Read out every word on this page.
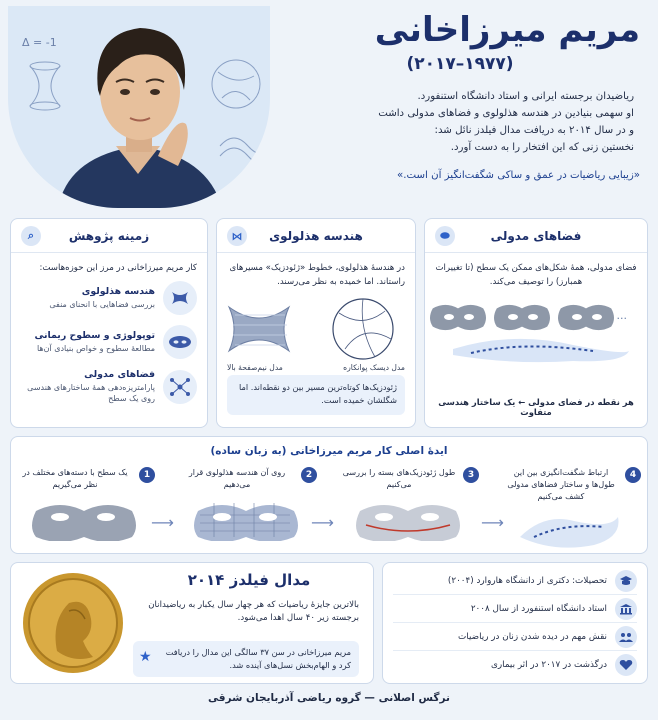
Δ = -1	مریم میرزاخانی
(۱۹۷۷–۲۰۱۷)
ریاضیدان برجسته ایرانی و استاد دانشگاه استنفورد.
او سهمی بنیادین در هندسه هذلولوی و فضاهای مدولی داشت
و در سال ۲۰۱۴ به دریافت مدال فیلدز نائل شد:
نخستین زنی که این افتخار را به دست آورد.
«زیبایی ریاضیات در عمق و ساکی شگفت‌انگیز آن است.»
فضاهای مدولی
⬬
فضای مدولی، همهٔ شکل‌های ممکن یک سطح (تا تغییرات همبارز) را توصیف می‌کند.
...
هر نقطه در فضای مدولی ← یک ساختار هندسی متفاوت
هندسه هذلولوی
⋈
در هندسهٔ هذلولوی، خطوط «ژئودزیک» مسیرهای راستاند. اما خمیده به نظر می‌رسند.
مدل دیسک پوانکاره
مدل نیم‌صفحهٔ بالا
ژئودزیک‌ها کوتاه‌ترین مسیر بین دو نقطه‌اند. اما شگلشان خمیده است.
زمینه پژوهش
⌕
کار مریم میرزاخانی در مرز این حوزه‌هاست:
هندسه هذلولوی
بررسی فضاهایی با انحنای منفی
توپولوژی و سطوح ریمانی
مطالعهٔ سطوح و خواص بنیادی آن‌ها
فضاهای مدولی
پارامتریزه‌دهی همهٔ ساختارهای هندسی روی یک سطح
ایدهٔ اصلی کار مریم میرزاخانی (به زبان ساده)
4
ارتباط شگفت‌انگیزی بین این طول‌ها و ساختار فضاهای مدولی کشف می‌کنیم
⟶
3
طول ژئودزیک‌های بسته را بررسی می‌کنیم
⟶
2
روی آن هندسه هذلولوی قرار می‌دهیم
⟶
1
یک سطح با دسته‌های مختلف در نظر می‌گیریم
مدال فیلدز ۲۰۱۴
بالاترین جایزهٔ ریاضیات که هر چهار سال یکبار به ریاضیدانان برجسته زیر ۴۰ سال اهدا می‌شود.
★ مریم میرزاخانی در سن ۳۷ سالگی این مدال را دریافت کرد و الهام‌بخش نسل‌های آینده شد.
تحصیلات: دکتری از دانشگاه هاروارد (۲۰۰۴)
استاد دانشگاه استنفورد از سال ۲۰۰۸
نقش مهم در دیده شدن زنان در ریاضیات
درگذشت در ۲۰۱۷ در اثر بیماری
نرگس اصلانی — گروه ریاضی آذربایجان شرقی
